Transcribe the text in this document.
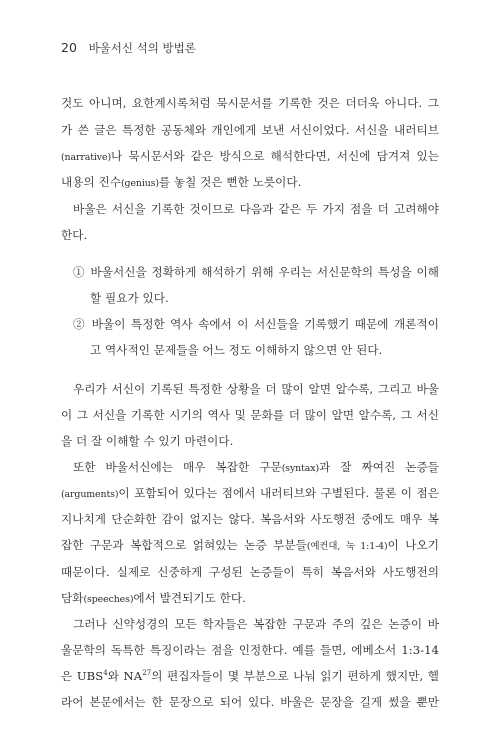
20 바울서신 석의 방법론
것도 아니며, 요한계시록처럼 묵시문서를 기록한 것은 더더욱 아니다. 그
가 쓴 글은 특정한 공동체와 개인에게 보낸 서신이었다. 서신을 내러티브
(narrative)나 묵시문서와 같은 방식으로 해석한다면, 서신에 담겨져 있는
내용의 진수(genius)를 놓칠 것은 뻔한 노릇이다.
바울은 서신을 기록한 것이므로 다음과 같은 두 가지 점을 더 고려해야
한다.
① 바울서신을 정확하게 해석하기 위해 우리는 서신문학의 특성을 이해
할 필요가 있다.
② 바울이 특정한 역사 속에서 이 서신들을 기록했기 때문에 개론적이
고 역사적인 문제들을 어느 정도 이해하지 않으면 안 된다.
우리가 서신이 기록된 특정한 상황을 더 많이 알면 알수록, 그리고 바울
이 그 서신을 기록한 시기의 역사 및 문화를 더 많이 알면 알수록, 그 서신
을 더 잘 이해할 수 있기 마련이다.
또한 바울서신에는 매우 복잡한 구문(syntax)과 잘 짜여진 논증들
(arguments)이 포함되어 있다는 점에서 내러티브와 구별된다. 물론 이 점은
지나치게 단순화한 감이 없지는 않다. 복음서와 사도행전 중에도 매우 복
잡한 구문과 복합적으로 얽혀있는 논증 부분들(예컨대, 눅 1:1-4)이 나오기
때문이다. 실제로 신중하게 구성된 논증들이 특히 복음서와 사도행전의
담화(speeches)에서 발견되기도 한다.
그러나 신약성경의 모든 학자들은 복잡한 구문과 주의 깊은 논증이 바
울문학의 독특한 특징이라는 점을 인정한다. 예를 들면, 에베소서 1:3-14
은 UBS$^4$와 NA$^{27}$의 편집자들이 몇 부분으로 나눠 읽기 편하게 했지만, 헬
라어 본문에서는 한 문장으로 되어 있다. 바울은 문장을 길게 썼을 뿐만
